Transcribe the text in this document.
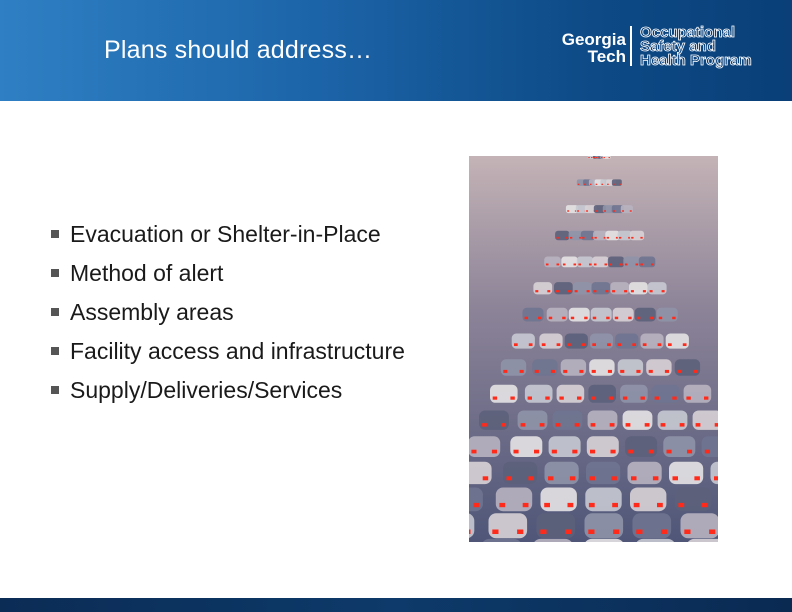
Plans should address…	Georgia
Tech
Occupational
Safety and
Health Program
Evacuation or Shelter-in-Place
Method of alert
Assembly areas
Facility access and infrastructure
Supply/Deliveries/Services
